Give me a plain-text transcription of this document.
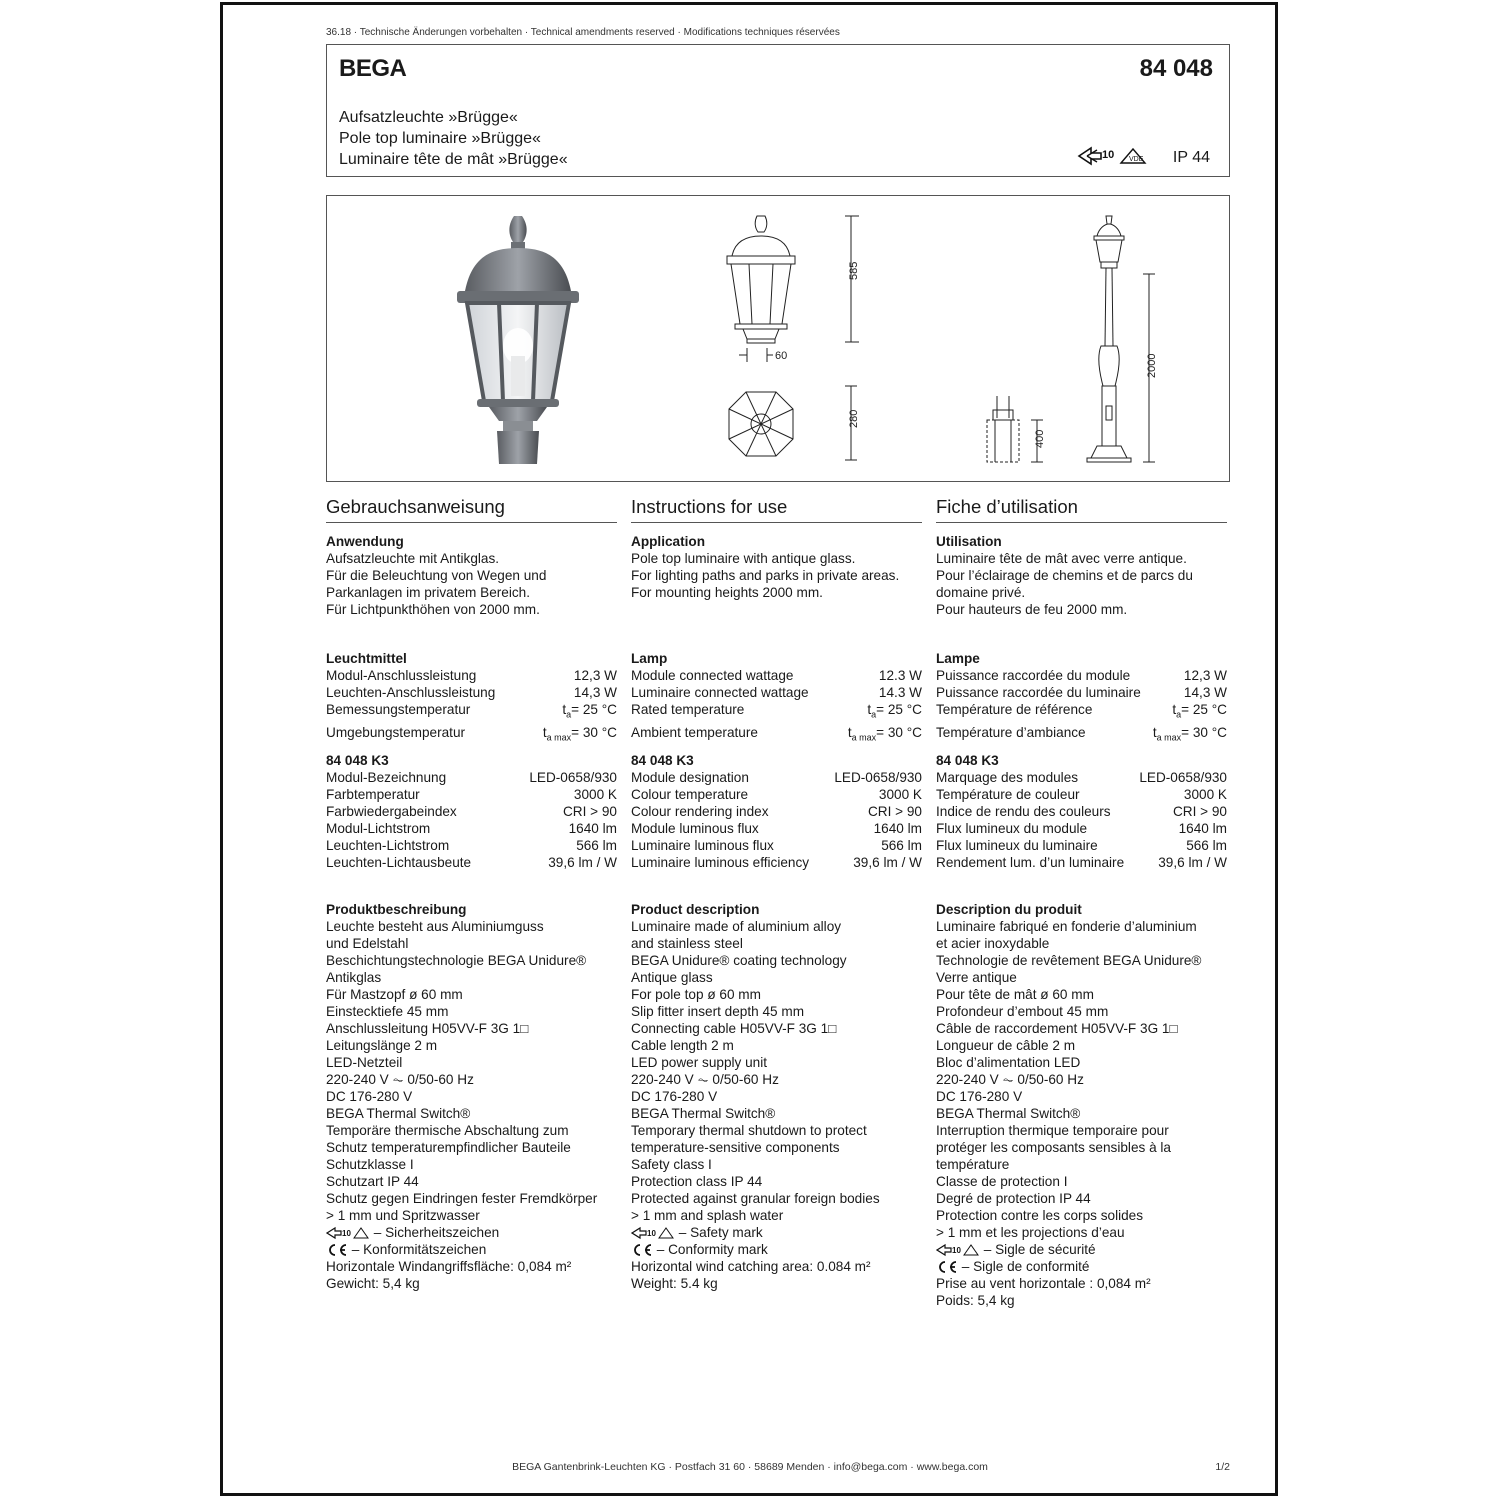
36.18 · Technische Änderungen vorbehalten · Technical amendments reserved · Modifications techniques réservées
BEGA	84 048
Aufsatzleuchte »Brügge«
Pole top luminaire »Brügge«
Luminaire tête de mât »Brügge«	10 VDE IP 44
585
60
280
400
2000
Gebrauchsanweisung
Anwendung
Aufsatzleuchte mit Antikglas.
Für die Beleuchtung von Wegen und
Parkanlagen im privatem Bereich.
Für Lichtpunkthöhen von 2000 mm.
Leuchtmittel
Modul-Anschlussleistung	12,3 W
Leuchten-Anschlussleistung	14,3 W
Bemessungstemperatur	$t_a= 25$ °C
Umgebungstemperatur	$t_{a max}= 30$ °C
84 048 K3
Modul-Bezeichnung	LED-0658/930
Farbtemperatur	3000 K
Farbwiedergabeindex	CRI > 90
Modul-Lichtstrom	1640 lm
Leuchten-Lichtstrom	566 lm
Leuchten-Lichtausbeute	39,6 lm / W
Produktbeschreibung
Leuchte besteht aus Aluminiumguss
und Edelstahl
Beschichtungstechnologie BEGA Unidure®
Antikglas
Für Mastzopf ø 60 mm
Einstecktiefe 45 mm
Anschlussleitung H05VV-F 3G 1□
Leitungslänge 2 m
LED-Netzteil
220-240 V ⏦ 0/50-60 Hz
DC 176-280 V
BEGA Thermal Switch®
Temporäre thermische Abschaltung zum
Schutz temperaturempfindlicher Bauteile
Schutzklasse I
Schutzart IP 44
Schutz gegen Eindringen fester Fremdkörper
> 1 mm und Spritzwasser
10 – Sicherheitszeichen
– Konformitätszeichen
Horizontale Windangriffsfläche: 0,084 m²
Gewicht: 5,4 kg
Instructions for use
Application
Pole top luminaire with antique glass.
For lighting paths and parks in private areas.
For mounting heights 2000 mm.
Lamp
Module connected wattage	12.3 W
Luminaire connected wattage	14.3 W
Rated temperature	$t_a= 25$ °C
Ambient temperature	$t_{a max}= 30$ °C
84 048 K3
Module designation	LED-0658/930
Colour temperature	3000 K
Colour rendering index	CRI > 90
Module luminous flux	1640 lm
Luminaire luminous flux	566 lm
Luminaire luminous efficiency	39,6 lm / W
Product description
Luminaire made of aluminium alloy
and stainless steel
BEGA Unidure® coating technology
Antique glass
For pole top ø 60 mm
Slip fitter insert depth 45 mm
Connecting cable H05VV-F 3G 1□
Cable length 2 m
LED power supply unit
220-240 V ⏦ 0/50-60 Hz
DC 176-280 V
BEGA Thermal Switch®
Temporary thermal shutdown to protect
temperature-sensitive components
Safety class I
Protection class IP 44
Protected against granular foreign bodies
> 1 mm and splash water
10 – Safety mark
– Conformity mark
Horizontal wind catching area: 0.084 m²
Weight: 5.4 kg
Fiche d’utilisation
Utilisation
Luminaire tête de mât avec verre antique.
Pour l’éclairage de chemins et de parcs du
domaine privé.
Pour hauteurs de feu 2000 mm.
Lampe
Puissance raccordée du module	12,3 W
Puissance raccordée du luminaire	14,3 W
Température de référence	$t_a= 25$ °C
Température d’ambiance	$t_{a max}= 30$ °C
84 048 K3
Marquage des modules	LED-0658/930
Température de couleur	3000 K
Indice de rendu des couleurs	CRI > 90
Flux lumineux du module	1640 lm
Flux lumineux du luminaire	566 lm
Rendement lum. d’un luminaire	39,6 lm / W
Description du produit
Luminaire fabriqué en fonderie d’aluminium
et acier inoxydable
Technologie de revêtement BEGA Unidure®
Verre antique
Pour tête de mât ø 60 mm
Profondeur d’embout 45 mm
Câble de raccordement H05VV-F 3G 1□
Longueur de câble 2 m
Bloc d’alimentation LED
220-240 V ⏦ 0/50-60 Hz
DC 176-280 V
BEGA Thermal Switch®
Interruption thermique temporaire pour
protéger les composants sensibles à la
température
Classe de protection I
Degré de protection IP 44
Protection contre les corps solides
> 1 mm et les projections d’eau
10 – Sigle de sécurité
– Sigle de conformité
Prise au vent horizontale : 0,084 m²
Poids: 5,4 kg
BEGA Gantenbrink-Leuchten KG · Postfach 31 60 · 58689 Menden · info@bega.com · www.bega.com	1/2
